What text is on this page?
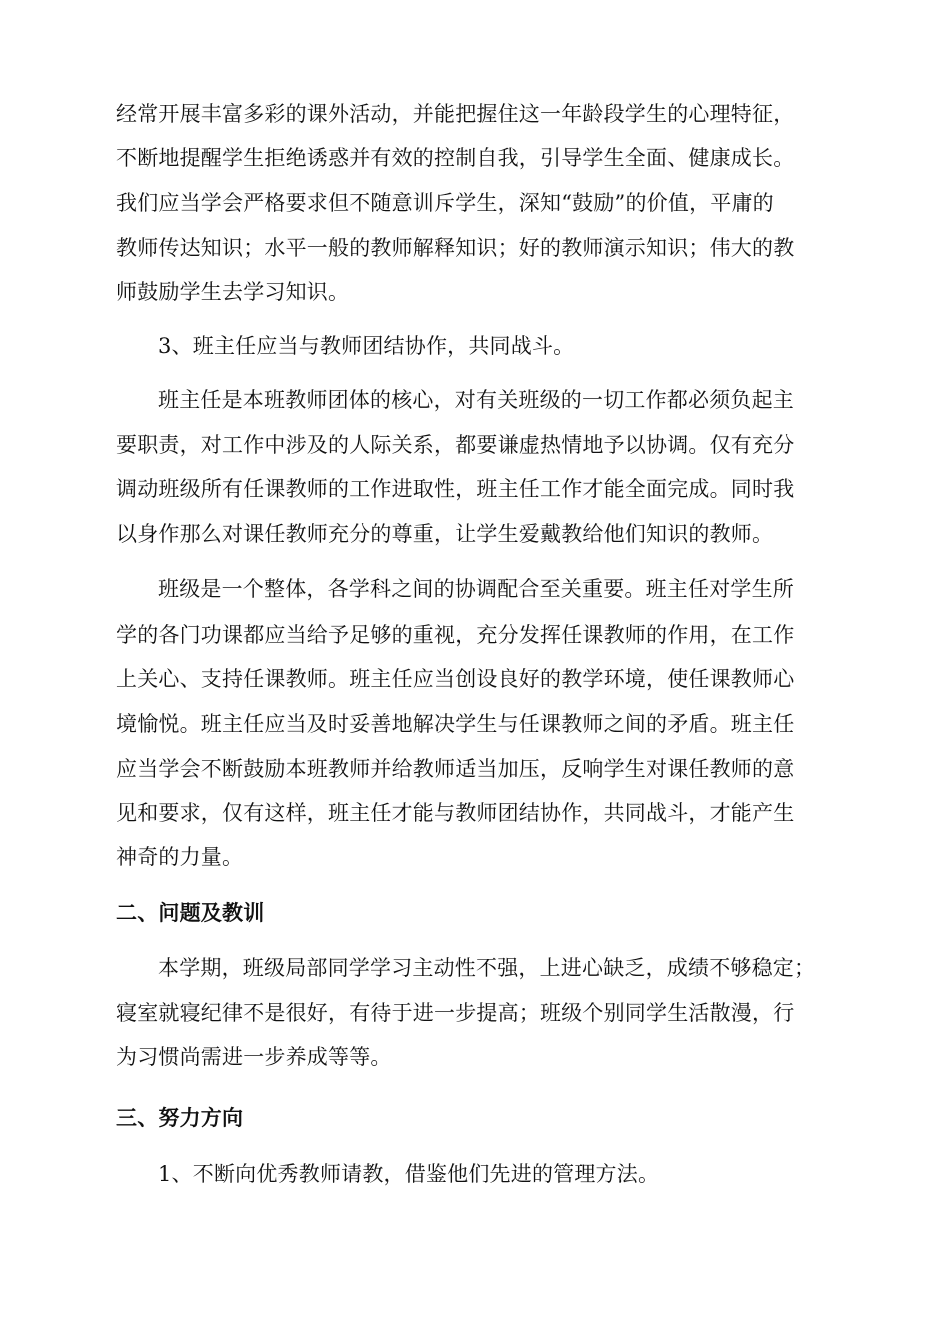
经常开展丰富多彩的课外活动，并能把握住这一年龄段学生的心理特征，
不断地提醒学生拒绝诱惑并有效的控制自我，引导学生全面、健康成长。
我们应当学会严格要求但不随意训斥学生，深知“鼓励”的价值，平庸的
教师传达知识；水平一般的教师解释知识；好的教师演示知识；伟大的教
师鼓励学生去学习知识。
3、班主任应当与教师团结协作，共同战斗。
班主任是本班教师团体的核心，对有关班级的一切工作都必须负起主
要职责，对工作中涉及的人际关系，都要谦虚热情地予以协调。仅有充分
调动班级所有任课教师的工作进取性，班主任工作才能全面完成。同时我
以身作那么对课任教师充分的尊重，让学生爱戴教给他们知识的教师。
班级是一个整体，各学科之间的协调配合至关重要。班主任对学生所
学的各门功课都应当给予足够的重视，充分发挥任课教师的作用，在工作
上关心、支持任课教师。班主任应当创设良好的教学环境，使任课教师心
境愉悦。班主任应当及时妥善地解决学生与任课教师之间的矛盾。班主任
应当学会不断鼓励本班教师并给教师适当加压，反响学生对课任教师的意
见和要求，仅有这样，班主任才能与教师团结协作，共同战斗，才能产生
神奇的力量。
二、问题及教训
本学期，班级局部同学学习主动性不强，上进心缺乏，成绩不够稳定；
寝室就寝纪律不是很好，有待于进一步提高；班级个别同学生活散漫，行
为习惯尚需进一步养成等等。
三、努力方向
1、不断向优秀教师请教，借鉴他们先进的管理方法。
